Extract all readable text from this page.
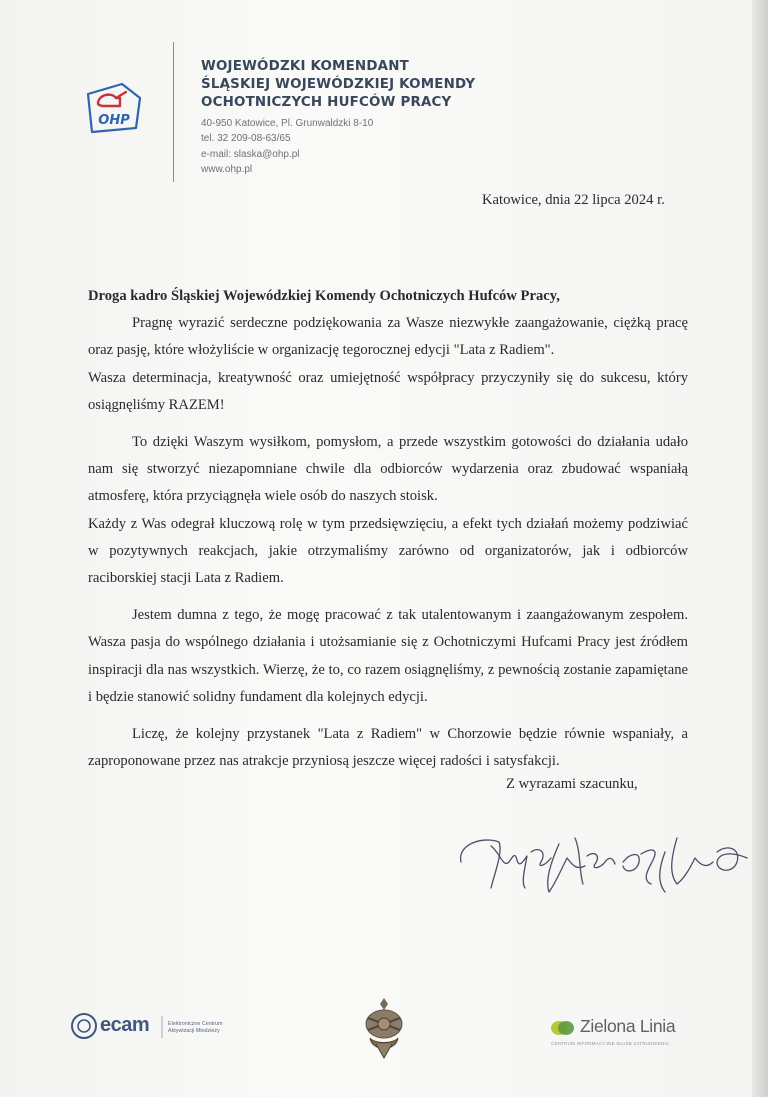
OHP

WOJEWÓDZKI KOMENDANT

ŚLĄSKIEJ WOJEWÓDZKIEJ KOMENDY

OCHOTNICZYCH HUFCÓW PRACY

40-950 Katowice, Pl. Grunwaldzki 8-10
tel. 32 209-08-63/65
e-mail: slaska@ohp.pl
www.ohp.pl
Katowice, dnia 22 lipca 2024 r.

Droga kadro Śląskiej Wojewódzkiej Komendy Ochotniczych Hufców Pracy,

Pragnę wyrazić serdeczne podziękowania za Wasze niezwykłe zaangażowanie, ciężką pracę oraz pasję, które włożyliście w organizację tegorocznej edycji "Lata z Radiem".

Wasza determinacja, kreatywność oraz umiejętność współpracy przyczyniły się do sukcesu, który osiągnęliśmy RAZEM!

To dzięki Waszym wysiłkom, pomysłom, a przede wszystkim gotowości do działania udało nam się stworzyć niezapomniane chwile dla odbiorców wydarzenia oraz zbudować wspaniałą atmosferę, która przyciągnęła wiele osób do naszych stoisk.

Każdy z Was odegrał kluczową rolę w tym przedsięwzięciu, a efekt tych działań możemy podziwiać w pozytywnych reakcjach, jakie otrzymaliśmy zarówno od organizatorów, jak i odbiorców raciborskiej stacji Lata z Radiem.

Jestem dumna z tego, że mogę pracować z tak utalentowanym i zaangażowanym zespołem. Wasza pasja do wspólnego działania i utożsamianie się z Ochotniczymi Hufcami Pracy jest źródłem inspiracji dla nas wszystkich. Wierzę, że to, co razem osiągnęliśmy, z pewnością zostanie zapamiętane i będzie stanowić solidny fundament dla kolejnych edycji.

Liczę, że kolejny przystanek "Lata z Radiem" w Chorzowie będzie równie wspaniały, a zaproponowane przez nas atrakcje przyniosą jeszcze więcej radości i satysfakcji.

Z wyrazami szacunku,
ecam	Elektroniczne Centrum
Aktywizacji Młodzieży	Zielona Linia
CENTRUM INFORMACYJNE SŁUŻB ZATRUDNIENIA
